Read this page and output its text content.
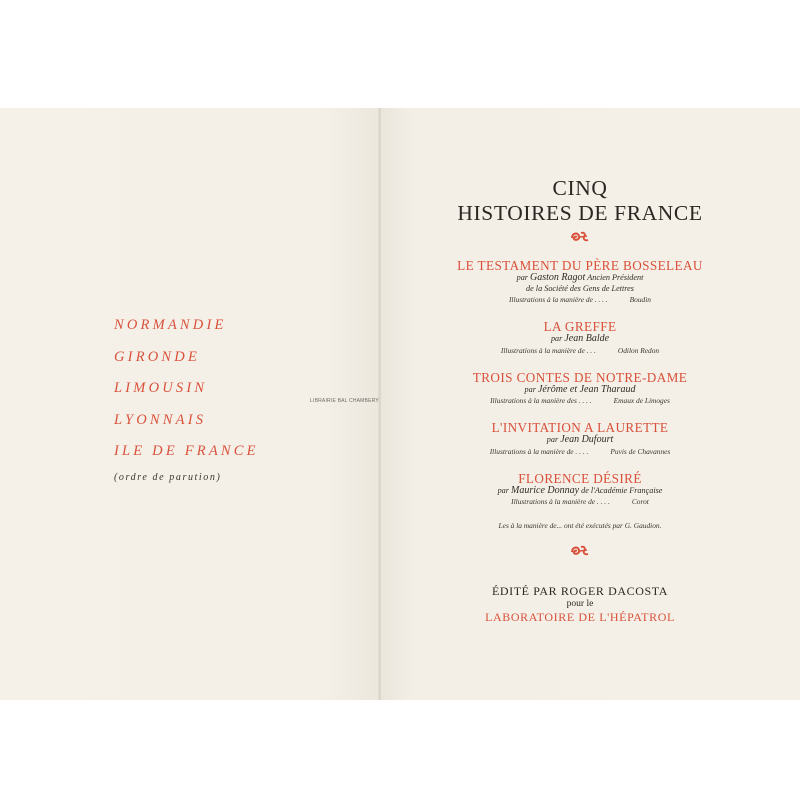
NORMANDIE
GIRONDE
LIMOUSIN
LYONNAIS
ILE DE FRANCE
(ordre de parution)
LIBRAIRIE BAL CHAMBERY
CINQ
HISTOIRES DE FRANCE
LE TESTAMENT DU PÈRE BOSSELEAU
par Gaston Ragot Ancien Président
de la Société des Gens de Lettres
Illustrations à la manière de . . . .	Boudin
LA GREFFE
par Jean Balde
Illustrations à la manière de . . .	Odilon Redon
TROIS CONTES DE NOTRE-DAME
par Jérôme et Jean Tharaud
Illustrations à la manière des . . . .	Emaux de Limoges
L'INVITATION A LAURETTE
par Jean Dufourt
Illustrations à la manière de . . . .	Puvis de Chavannes
FLORENCE DÉSIRÉ
par Maurice Donnay de l'Académie Française
Illustrations à la manière de . . . .	Corot
Les à la manière de... ont été exécutés par G. Gaudion.
ÉDITÉ PAR ROGER DACOSTA
pour le
LABORATOIRE DE L'HÉPATROL
